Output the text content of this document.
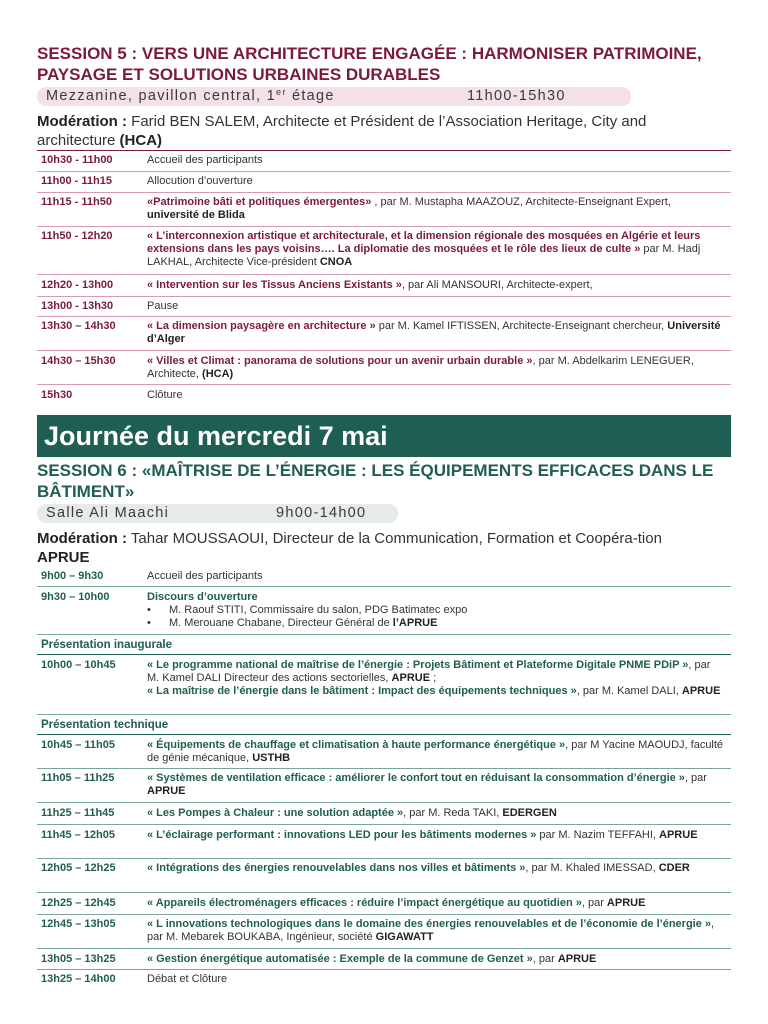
SESSION 5 : VERS UNE ARCHITECTURE ENGAGÉE : HARMONISER PATRIMOINE, PAYSAGE ET SOLUTIONS URBAINES DURABLES
Mezzanine, pavillon central, 1er étage	11h00-15h30
Modération : Farid BEN SALEM, Architecte et Président de l’Association Heritage, City and architecture (HCA)
10h30 - 11h00	Accueil des participants
11h00 - 11h15	Allocution d’ouverture
11h15 - 11h50	«Patrimoine bâti et politiques émergentes» , par M. Mustapha MAAZOUZ, Architecte-Enseignant Expert, université de Blida
11h50 - 12h20	« L’interconnexion artistique et architecturale, et la dimension régionale des mosquées en Algérie et leurs extensions dans les pays voisins…. La diplomatie des mosquées et le rôle des lieux de culte » par M. Hadj LAKHAL, Architecte Vice-président CNOA
12h20 - 13h00	« Intervention sur les Tissus Anciens Existants », par Ali MANSOURI, Architecte-expert,
13h00 - 13h30	Pause
13h30 – 14h30	« La dimension paysagère en architecture » par M. Kamel IFTISSEN, Architecte-Enseignant chercheur, Université d’Alger
14h30 – 15h30	« Villes et Climat : panorama de solutions pour un avenir urbain durable », par M. Abdelkarim LENEGUER, Architecte, (HCA)
15h30	Clôture
Journée du mercredi 7 mai
SESSION 6 : «MAÎTRISE DE L’ÉNERGIE : LES ÉQUIPEMENTS EFFICACES DANS LE BÂTIMENT»
Salle Ali Maachi	9h00-14h00
Modération : Tahar MOUSSAOUI, Directeur de la Communication, Formation et Coopéra-tion APRUE
9h00 – 9h30	Accueil des participants
9h30 – 10h00	Discours d’ouverture
•	M. Raouf STITI, Commissaire du salon, PDG Batimatec expo
•	M. Merouane Chabane, Directeur Général de l’APRUE
Présentation inaugurale
10h00 – 10h45	« Le programme national de maîtrise de l’énergie : Projets Bâtiment et Plateforme Digitale PNME PDiP », par M. Kamel DALI Directeur des actions sectorielles, APRUE ;
« La maîtrise de l’énergie dans le bâtiment : Impact des équipements techniques », par M. Kamel DALI, APRUE
Présentation technique
10h45 – 11h05	« Équipements de chauffage et climatisation à haute performance énergétique », par M Yacine MAOUDJ, faculté de génie mécanique, USTHB
11h05 – 11h25	« Systèmes de ventilation efficace : améliorer le confort tout en réduisant la consommation d’énergie », par APRUE
11h25 – 11h45	« Les Pompes à Chaleur : une solution adaptée », par M. Reda TAKI, EDERGEN
11h45 – 12h05	« L’éclairage performant : innovations LED pour les bâtiments modernes » par M. Nazim TEFFAHI, APRUE
12h05 – 12h25	« Intégrations des énergies renouvelables dans nos villes et bâtiments », par M. Khaled IMESSAD, CDER
12h25 – 12h45	« Appareils électroménagers efficaces : réduire l’impact énergétique au quotidien », par APRUE
12h45 – 13h05	« L innovations technologiques dans le domaine des énergies renouvelables et de l’économie de l’énergie », par M. Mebarek BOUKABA, Ingénieur, société GIGAWATT
13h05 – 13h25	« Gestion énergétique automatisée : Exemple de la commune de Genzet », par APRUE
13h25 – 14h00	Débat et Clôture
